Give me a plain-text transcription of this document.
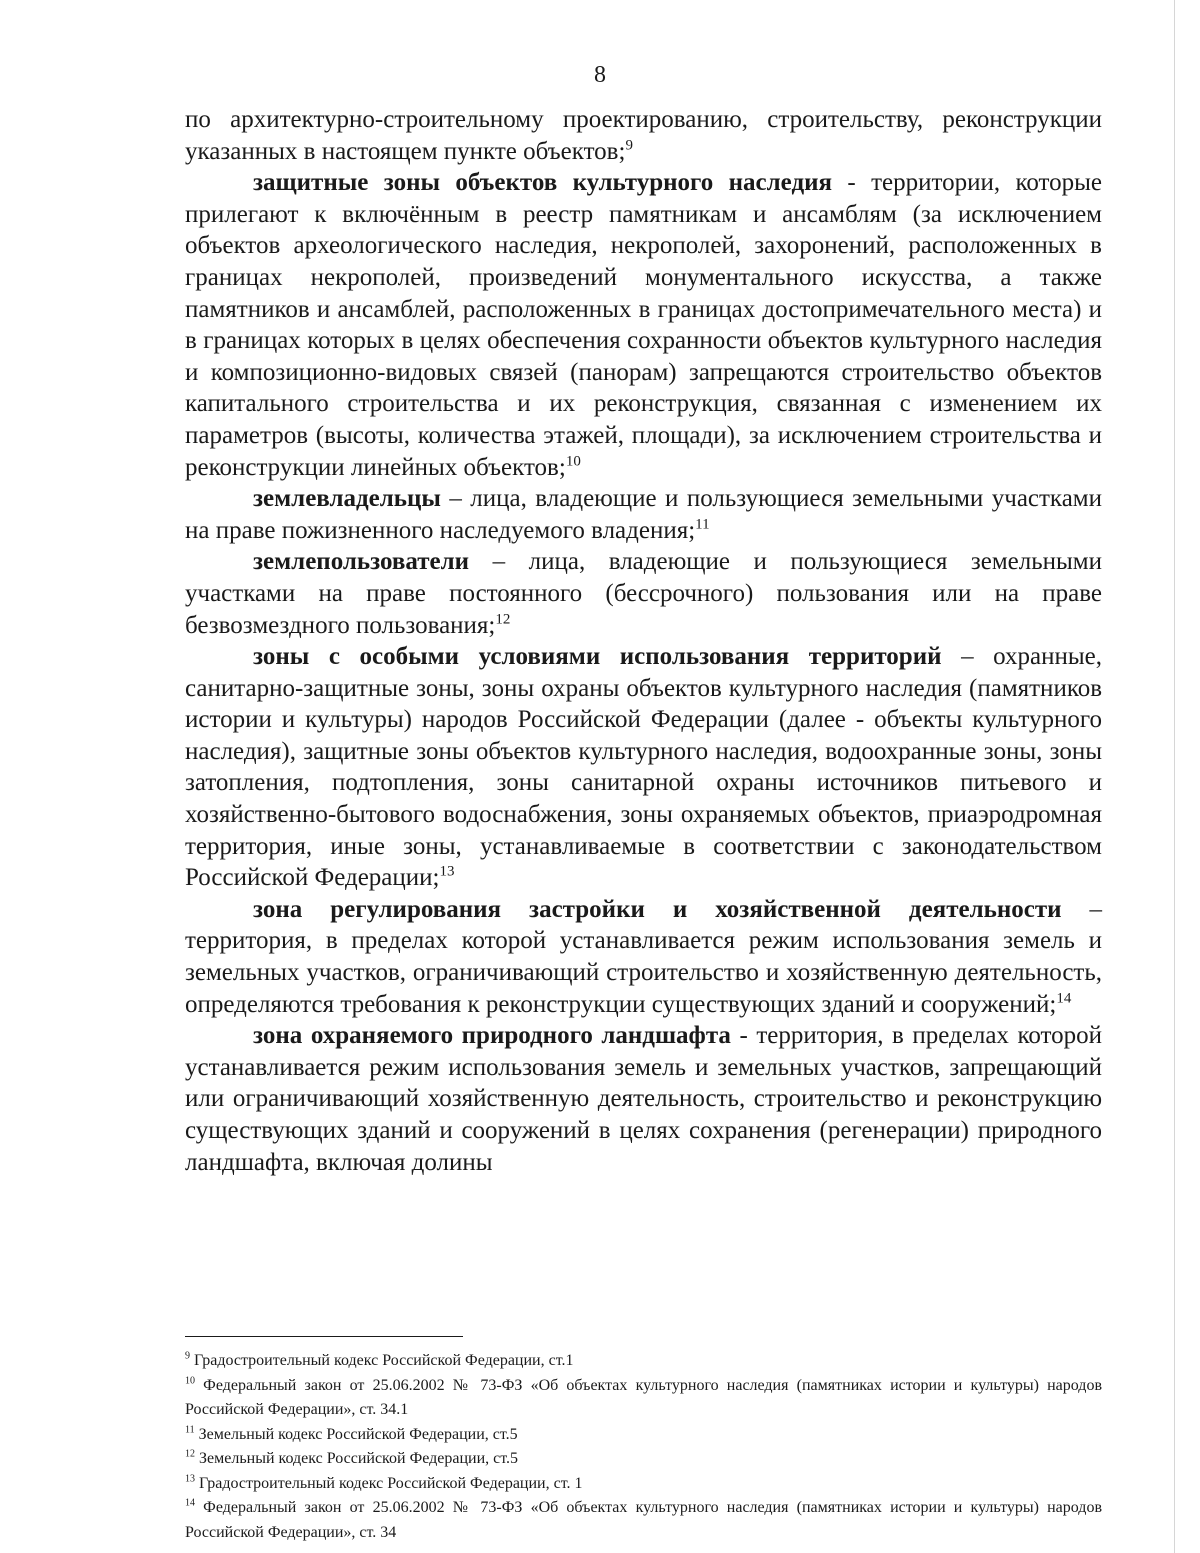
8

по архитектурно-строительному проектированию, строительству, реконструкции указанных в настоящем пункте объектов;$^9$

защитные зоны объектов культурного наследия - территории, которые прилегают к включённым в реестр памятникам и ансамблям (за исключением объектов археологического наследия, некрополей, захоронений, расположенных в границах некрополей, произведений монументального искусства, а также памятников и ансамблей, расположенных в границах достопримечательного места) и в границах которых в целях обеспечения сохранности объектов культурного наследия и композиционно-видовых связей (панорам) запрещаются строительство объектов капитального строительства и их реконструкция, связанная с изменением их параметров (высоты, количества этажей, площади), за исключением строительства и реконструкции линейных объектов;$^{10}$

землевладельцы – лица, владеющие и пользующиеся земельными участками на праве пожизненного наследуемого владения;$^{11}$

землепользователи – лица, владеющие и пользующиеся земельными участками на праве постоянного (бессрочного) пользования или на праве безвозмездного пользования;$^{12}$

зоны с особыми условиями использования территорий – охранные, санитарно-защитные зоны, зоны охраны объектов культурного наследия (памятников истории и культуры) народов Российской Федерации (далее - объекты культурного наследия), защитные зоны объектов культурного наследия, водоохранные зоны, зоны затопления, подтопления, зоны санитарной охраны источников питьевого и хозяйственно-бытового водоснабжения, зоны охраняемых объектов, приаэродромная территория, иные зоны, устанавливаемые в соответствии с законодательством Российской Федерации;$^{13}$

зона регулирования застройки и хозяйственной деятельности – территория, в пределах которой устанавливается режим использования земель и земельных участков, ограничивающий строительство и хозяйственную деятельность, определяются требования к реконструкции существующих зданий и сооружений;$^{14}$

зона охраняемого природного ландшафта - территория, в пределах которой устанавливается режим использования земель и земельных участков, запрещающий или ограничивающий хозяйственную деятельность, строительство и реконструкцию существующих зданий и сооружений в целях сохранения (регенерации) природного ландшафта, включая долины

$^9$ Градостроительный кодекс Российской Федерации, ст.1

$^{10}$ Федеральный закон от 25.06.2002 № 73-ФЗ «Об объектах культурного наследия (памятниках истории и культуры) народов Российской Федерации», ст. 34.1

$^{11}$ Земельный кодекс Российской Федерации, ст.5

$^{12}$ Земельный кодекс Российской Федерации, ст.5

$^{13}$ Градостроительный кодекс Российской Федерации, ст. 1

$^{14}$ Федеральный закон от 25.06.2002 № 73-ФЗ «Об объектах культурного наследия (памятниках истории и культуры) народов Российской Федерации», ст. 34
